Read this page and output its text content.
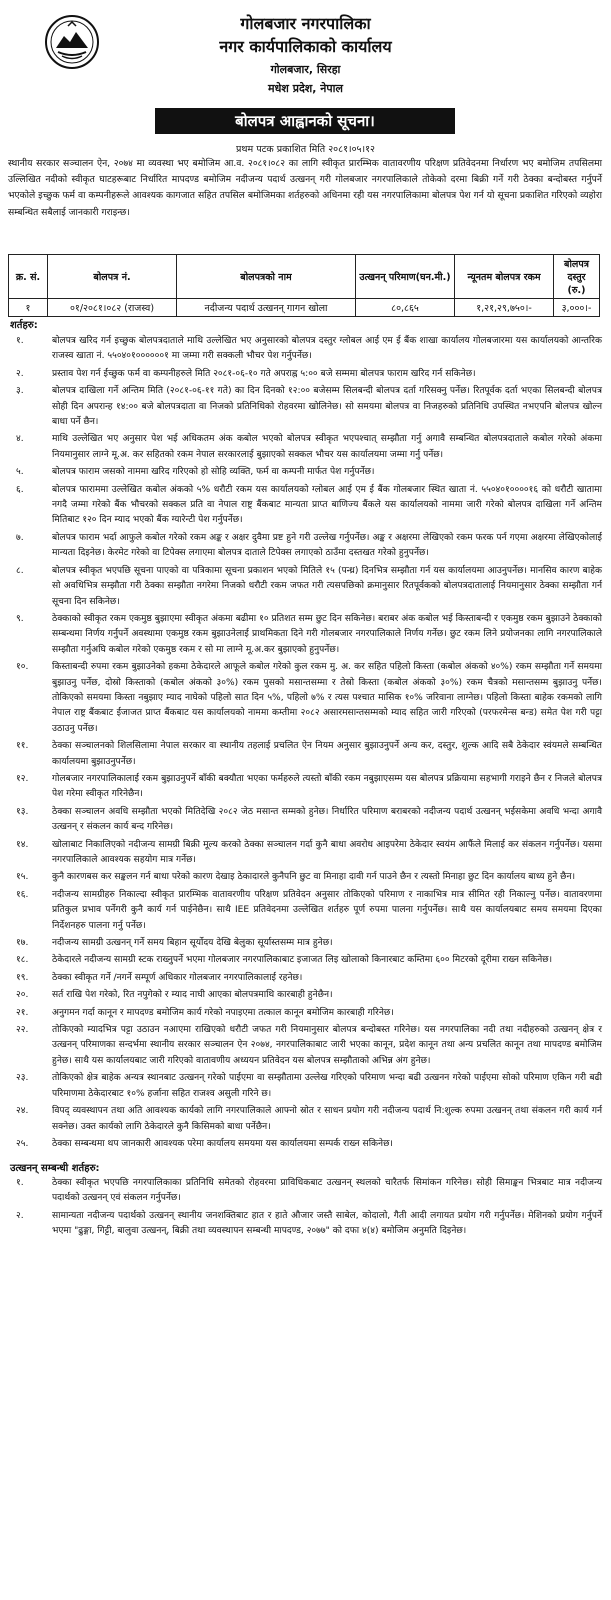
गोलबजार नगरपालिका
नगर कार्यपालिकाको कार्यालय
गोलबजार, सिरहा
मधेश प्रदेश, नेपाल
बोलपत्र आह्वानको सूचना।
प्रथम पटक प्रकाशित मिति २०८१।०५।१२
स्थानीय सरकार सञ्चालन ऐन, २०७४ मा व्यवस्था भए बमोजिम आ.व. २०८१।०८२ का लागि स्वीकृत प्रारम्भिक वातावरणीय परिक्षण प्रतिवेदनमा निर्धारण भए बमोजिम तपसिलमा उल्लिखित नदीको स्वीकृत घाटहरूबाट निर्धारित मापदण्ड बमोजिम नदीजन्य पदार्थ उत्खनन् गरी गोलबजार नगरपालिकाले तोकेको दरमा बिक्री गर्ने गरी ठेक्का बन्दोबस्त गर्नुपर्ने भएकोले इच्छुक फर्म वा कम्पनीहरूले आवश्यक कागजात सहित तपसिल बमोजिमका शर्तहरुको अधिनमा रही यस नगरपालिकामा बोलपत्र पेश गर्न यो सूचना प्रकाशित गरिएको व्यहोरा सम्बन्धित सबैलाई जानकारी गराइन्छ।
क्र. सं.	बोलपत्र नं.	बोलपत्रको नाम	उत्खनन् परिमाण(घन.मी.)	न्यूनतम बोलपत्र रकम	बोलपत्र दस्तुर (रु.)
१	०१/२०८१।०८२ (राजस्व)	नदीजन्य पदार्थ उत्खनन् गागन खोला	८०,८६५	१,२१,२९,७५०।-	३,०००।-
शर्तहरु:
१.	बोलपत्र खरिद गर्न इच्छुक बोलपत्रदाताले माथि उल्लेखित भए अनुसारको बोलपत्र दस्तुर ग्लोबल आई एम ई बैंक शाखा कार्यालय गोलबजारमा यस कार्यालयको आन्तरिक राजस्व खाता नं. ५५०४०१००००००१ मा जम्मा गरी सक्कली भौचर पेश गर्नुपर्नेछ।
२.	प्रस्ताव पेश गर्न ईच्छुक फर्म वा कम्पनीहरुले मिति २०८१-०६-१० गते अपराह्न ५:०० बजे सम्ममा बोलपत्र फाराम खरिद गर्न सकिनेछ।
३.	बोलपत्र दाखिला गर्ने अन्तिम मिति (२०८१-०६-११ गते) का दिन दिनको १२:०० बजेसम्म सिलबन्दी बोलपत्र दर्ता गरिसक्नु पर्नेछ। रितपूर्वक दर्ता भएका सिलबन्दी बोलपत्र सोही दिन अपरान्ह १४:०० बजे बोलपत्रदाता वा निजको प्रतिनिधिको रोहवरमा खोलिनेछ। सो समयमा बोलपत्र वा निजहरुको प्रतिनिधि उपस्थित नभएपनि बोलपत्र खोल्न बाधा पर्ने छैन।
४.	माथि उल्लेखित भए अनुसार पेश भई अधिकतम अंक कबोल भएको बोलपत्र स्वीकृत भएपश्चात् सम्झौता गर्नु अगावै सम्बन्धित बोलपत्रदाताले कबोल गरेको अंकमा नियमानुसार लाग्ने मू.अ. कर सहितको रकम नेपाल सरकारलाई बुझाएको सक्कल भौचर यस कार्यालयमा जम्मा गर्नु पर्नेछ।
५.	बोलपत्र फाराम जसको नाममा खरिद गरिएको हो सोहि व्यक्ति, फर्म वा कम्पनी मार्फत पेश गर्नुपर्नेछ।
६.	बोलपत्र फाराममा उल्लेखित कबोल अंकको ५% धरौटी रकम यस कार्यालयको ग्लोबल आई एम ई बैंक गोलबजार स्थित खाता नं. ५५०४०१००००१६ को धरौटी खातामा नगदै जम्मा गरेको बैंक भौचरको सक्कल प्रति वा नेपाल राष्ट्र बैंकबाट मान्यता प्राप्त बाणिज्य बैंकले यस कार्यालयको नाममा जारी गरेको बोलपत्र दाखिला गर्ने अन्तिम मितिबाट १२० दिन म्याद भएको बैंक ग्यारेन्टी पेश गर्नुपर्नेछ।
७.	बोलपत्र फाराम भर्दा आफुले कबोल गरेको रकम अङ्क र अक्षर दुवैमा प्रष्ट हुने गरी उल्लेख गर्नुपर्नेछ। अङ्क र अक्षरमा लेखिएको रकम फरक पर्न गएमा अक्षरमा लेखिएकोलाई मान्यता दिइनेछ। केरमेट गरेको वा टिपेक्स लगाएमा बोलपत्र दाताले टिपेक्स लगाएको ठाउँमा दस्तखत गरेको हुनुपर्नेछ।
८.	बोलपत्र स्वीकृत भएपछि सूचना पाएको वा पत्रिकामा सूचना प्रकाशन भएको मितिले १५ (पन्ध्र) दिनभित्र सम्झौता गर्न यस कार्यालयमा आउनुपर्नेछ। मानसिव कारण बाहेक सो अवधिभित्र सम्झौता गरी ठेक्का सम्झौता नगरेमा निजको धरौटी रकम जफत गरी त्यसपछिको क्रमानुसार रितपूर्वकको बोलपत्रदातालाई नियमानुसार ठेक्का सम्झौता गर्न सूचना दिन सकिनेछ।
९.	ठेक्काको स्वीकृत रकम एकमुष्ठ बुझाएमा स्वीकृत अंकमा बढीमा १० प्रतिशत सम्म छुट दिन सकिनेछ। बराबर अंक कबोल भई किस्ताबन्दी र एकमुष्ठ रकम बुझाउने ठेक्काको सम्बन्धमा निर्णय गर्नुपर्ने अवस्थामा एकमुष्ठ रकम बुझाउनेलाई प्राथमिकता दिने गरी गोलबजार नगरपालिकाले निर्णय गर्नेछ। छुट रकम लिने प्रयोजनका लागि नगरपालिकाले सम्झौता गर्नुअघि कबोल गरेको एकमुष्ठ रकम र सो मा लाग्ने मू.अ.कर बुझाएको हुनुपर्नेछ।
१०.	किस्ताबन्दी रुपमा रकम बुझाउनेको हकमा ठेकेदारले आफूले कबोल गरेको कुल रकम मु. अ. कर सहित पहिलो किस्ता (कबोल अंकको ४०%) रकम सम्झौता गर्ने समयमा बुझाउनु पर्नेछ, दोस्रो किस्ताको (कबोल अंकको ३०%) रकम पुसको मसान्तसम्मा र तेस्रो किस्ता (कबोल अंकको ३०%) रकम चैत्रको मसान्तसम्म बुझाउनु पर्नेछ। तोकिएको समयमा किस्ता नबुझाए म्याद नाघेको पहिलो सात दिन ५%, पहिलो ७% र त्यस पश्चात मासिक १०% जरिवाना लाग्नेछ। पहिलो किस्ता बाहेक रकमको लागि नेपाल राष्ट्र बैंकबाट ईजाजत प्राप्त बैंकबाट यस कार्यालयको नाममा कम्तीमा २०८२ असारमसान्तसम्मको म्याद सहित जारी गरिएको (परफरमेन्स बन्ड) समेत पेश गरी पट्टा उठाउनु पर्नेछ।
११.	ठेक्का सञ्चालनको शिलसिलामा नेपाल सरकार वा स्थानीय तहलाई प्रचलित ऐन नियम अनुसार बुझाउनुपर्ने अन्य कर, दस्तुर, शुल्क आदि सबै ठेकेदार स्वंयमले सम्बन्धित कार्यालयमा बुझाउनुपर्नेछ।
१२.	गोलबजार नगरपालिकालाई रकम बुझाउनुपर्ने बाँकी बक्यौता भएका फर्महरुले त्यस्तो बाँकी रकम नबुझाएसम्म यस बोलपत्र प्रक्रियामा सहभागी गराइने छैन र निजले बोलपत्र पेश गरेमा स्वीकृत गरिनेछैन।
१३.	ठेक्का सञ्चालन अवधि सम्झौता भएको मितिदेखि २०८२ जेठ मसान्त सम्मको हुनेछ। निर्धारित परिमाण बराबरको नदीजन्य पदार्थ उत्खनन् भईसकेमा अवधि भन्दा अगावै उत्खनन् र संकलन कार्य बन्द गरिनेछ।
१४.	खोलाबाट निकालिएको नदीजन्य सामग्री बिक्री मूल्य करको ठेक्का सञ्चालन गर्दा कुनै बाधा अवरोध आइपरेमा ठेकेदार स्वयंम आफैंले मिलाई कर संकलन गर्नुपर्नेछ। यसमा नगरपालिकाले आवश्यक सहयोग मात्र गर्नेछ।
१५.	कुनै कारणबस कर सङ्कलन गर्न बाधा परेको कारण देखाइ ठेकादारले कुनैपनि छुट वा मिनाहा दावी गर्न पाउने छैन र त्यस्तो मिनाहा छुट दिन कार्यालय बाध्य हुने छैन।
१६.	नदीजन्य सामग्रीहरु निकाल्दा स्वीकृत प्रारम्भिक वातावरणीय परिक्षण प्रतिवेदन अनुसार तोकिएको परिमाण र नाकाभित्र मात्र सीमित रही निकाल्नु पर्नेछ। वातावरणमा प्रतिकुल प्रभाव पर्नेगरी कुनै कार्य गर्न पाईनेछैन। साथै IEE प्रतिवेदनमा उल्लेखित शर्तहरु पूर्ण रुपमा पालना गर्नुपर्नेछ। साथै यस कार्यालयबाट समय समयमा दिएका निर्देशनहरु पालना गर्नु पर्नेछ।
१७.	नदीजन्य सामग्री उत्खनन् गर्ने समय बिहान सूर्योदय देखि बेलुका सूर्यास्तसम्म मात्र हुनेछ।
१८.	ठेकेदारले नदीजन्य सामग्री स्टक राख्नुपर्ने भएमा गोलबजार नगरपालिकाबाट इजाजत लिइ खोलाको किनारबाट कम्तिमा ६०० मिटरको दूरीमा राख्न सकिनेछ।
१९.	ठेक्का स्वीकृत गर्ने /नगर्ने सम्पूर्ण अधिकार गोलबजार नगरपालिकालाई रहनेछ।
२०.	सर्त राखि पेश गरेको, रित नपुगेको र म्याद नाघी आएका बोलपत्रमाथि कारबाही हुनेछैन।
२१.	अनुगमन गर्दा कानून र मापदण्ड बमोजिम कार्य गरेको नपाइएमा तत्काल कानून बमोजिम कारबाही गरिनेछ।
२२.	तोकिएको म्यादभित्र पट्टा उठाउन नआएमा राखिएको धरौटी जफत गरी नियमानुसार बोलपत्र बन्दोबस्त गरिनेछ। यस नगरपालिका नदी तथा नदीहरुको उत्खनन् क्षेत्र र उत्खनन् परिमाणका सन्दर्भमा स्थानीय सरकार सञ्चालन ऐन २०७४, नगरपालिकाबाट जारी भएका कानून, प्रदेश कानून तथा अन्य प्रचलित कानून तथा मापदण्ड बमोजिम हुनेछ। साथै यस कार्यालयबाट जारी गरिएको वातावणीय अध्ययन प्रतिवेदन यस बोलपत्र सम्झौताको अभिन्न अंग हुनेछ।
२३.	तोकिएको क्षेत्र बाहेक अन्यत्र स्थानबाट उत्खनन् गरेको पाईएमा वा सम्झौतामा उल्लेख गरिएको परिमाण भन्दा बढी उत्खनन गरेको पाईएमा सोको परिमाण एकिन गरी बढी परिमाणमा ठेकेदारबाट १०% हर्जाना सहित राजश्व असुली गरिने छ।
२४.	विपद् व्यवस्थापन तथा अति आवश्यक कार्यको लागि नगरपालिकाले आफ्नो स्रोत र साधन प्रयोग गरी नदीजन्य पदार्थ नि:शुल्क रुपमा उत्खनन् तथा संकलन गरी कार्य गर्न सक्नेछ। उक्त कार्यको लागि ठेकेदारले कुनै किसिमको बाधा पर्नेछैन।
२५.	ठेक्का सम्बन्धमा थप जानकारी आवश्यक परेमा कार्यालय समयमा यस कार्यालयमा सम्पर्क राख्न सकिनेछ।
उत्खनन् सम्बन्धी शर्तहरु:
१.	ठेक्का स्वीकृत भएपछि नगरपालिकाका प्रतिनिधि समेतको रोहवरमा प्राविधिकबाट उत्खनन् स्थलको चारैतर्फ सिमांकन गरिनेछ। सोही सिमाङ्कन भित्रबाट मात्र नदीजन्य पदार्थको उत्खनन् एवं संकलन गर्नुपर्नेछ।
२.	सामान्यता नदीजन्य पदार्थको उत्खनन् स्थानीय जनशक्तिबाट हात र हाते औजार जस्तै साबेल, कोदालो, गैती आदी लगायत प्रयोग गरी गर्नुपर्नेछ। मेशिनको प्रयोग गर्नुपर्ने भएमा "ढुङ्गा, गिट्टी, बालुवा उत्खनन्, बिक्री तथा व्यवस्थापन सम्बन्धी मापदण्ड, २०७७" को दफा ४(४) बमोजिम अनुमति दिइनेछ।
